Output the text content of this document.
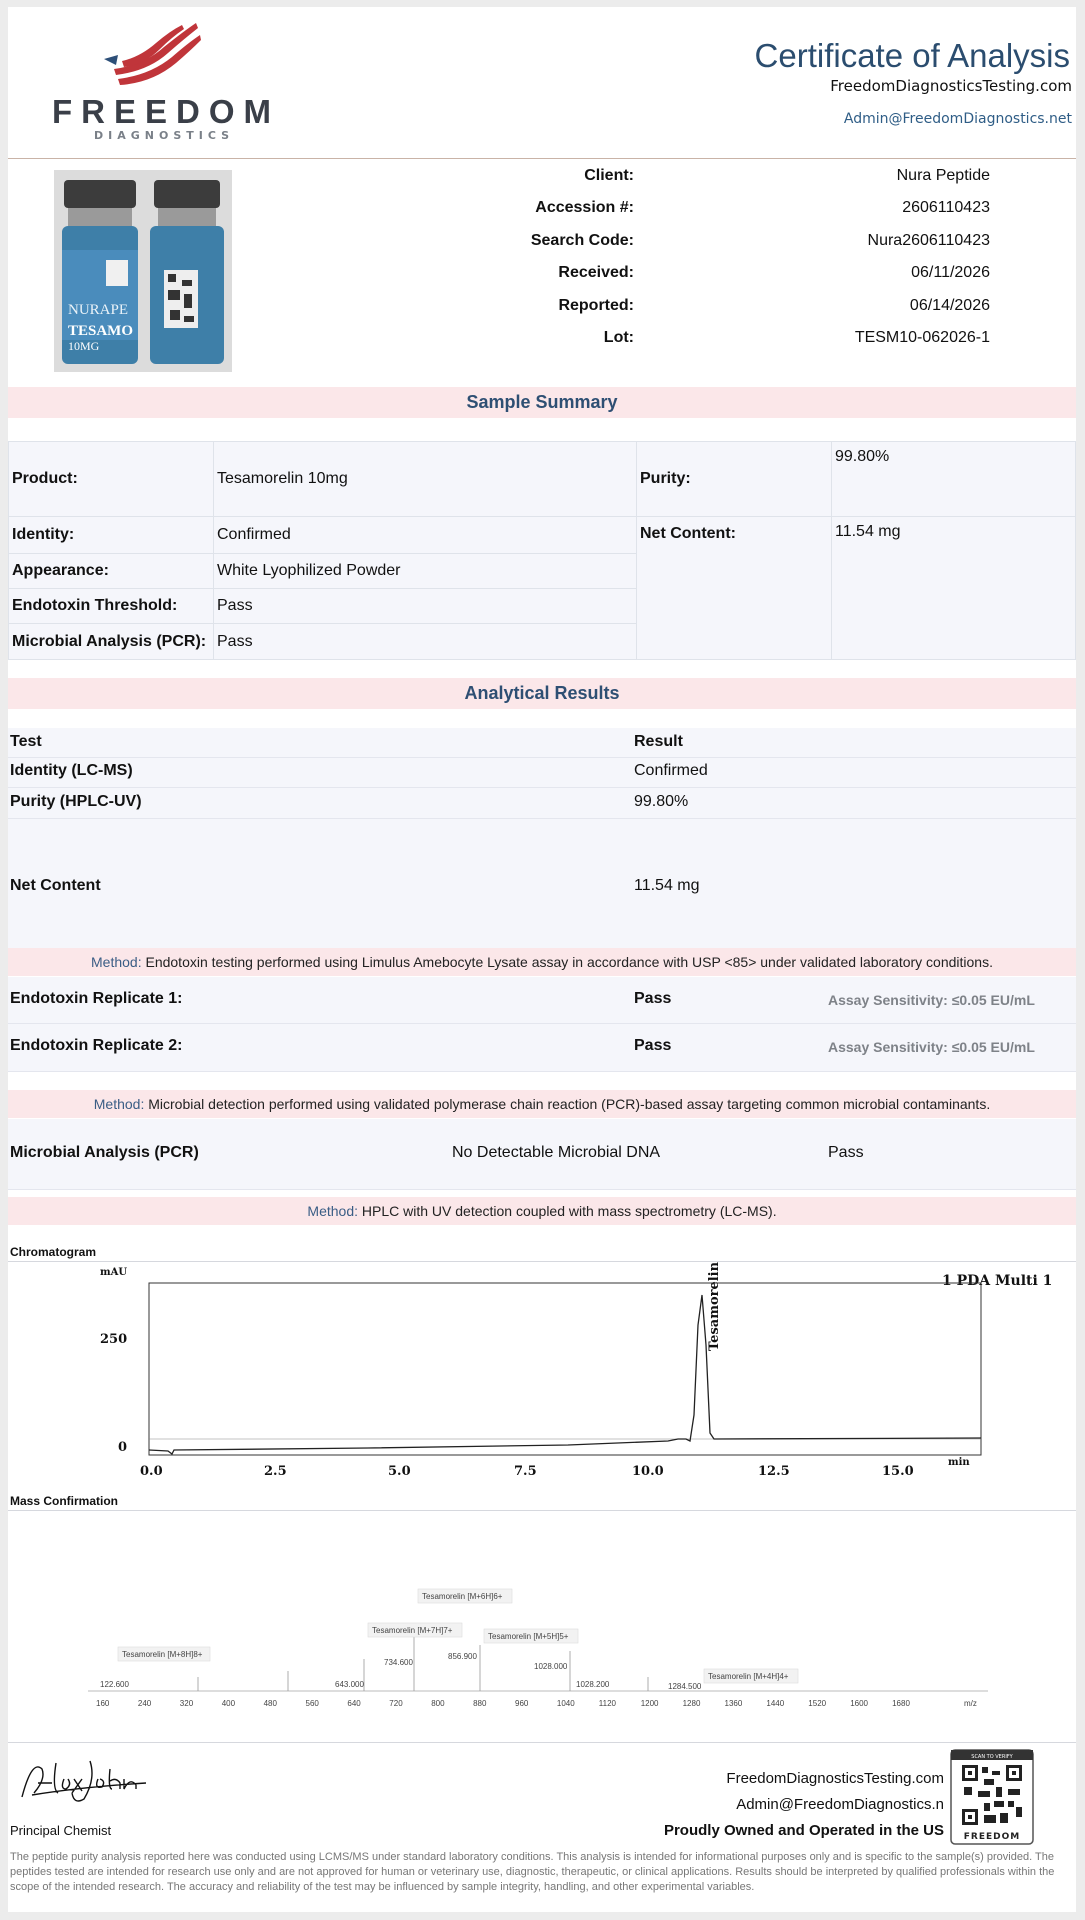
FREEDOM
DIAGNOSTICS
Certificate of Analysis
FreedomDiagnosticsTesting.com
Admin@FreedomDiagnostics.net
NURAPE
TESAMO
10MG
Client:	Nura Peptide
Accession #:	2606110423
Search Code:	Nura2606110423
Received:	06/11/2026
Reported:	06/14/2026
Lot:	TESM10-062026-1
Sample Summary
Product:	Tesamorelin 10mg	Purity:	99.80%
Identity:	Confirmed	Net Content:	11.54 mg
Appearance:	White Lyophilized Powder		
Endotoxin Threshold:	Pass		
Microbial Analysis (PCR):	Pass		
Analytical Results
Test	Result
Identity (LC-MS)	Confirmed
Purity (HPLC-UV)	99.80%
Net Content	11.54 mg
Method: Endotoxin testing performed using Limulus Amebocyte Lysate assay in accordance with USP <85> under validated laboratory conditions.
Endotoxin Replicate 1:	Pass	Assay Sensitivity: ≤0.05 EU/mL
Endotoxin Replicate 2:	Pass	Assay Sensitivity: ≤0.05 EU/mL
Method: Microbial detection performed using validated polymerase chain reaction (PCR)-based assay targeting common microbial contaminants.
Microbial Analysis (PCR)	No Detectable Microbial DNA	Pass
Method: HPLC with UV detection coupled with mass spectrometry (LC-MS).
Chromatogram
mAU
250
0
1 PDA Multi 1
min
0.0	2.5	5.0	7.5	10.0	12.5	15.0
Tesamorelin
Mass Confirmation
Tesamorelin [M+8H]8+
Tesamorelin [M+7H]7+
Tesamorelin [M+6H]6+
Tesamorelin [M+5H]5+
Tesamorelin [M+4H]4+
122.600	643.000
734.600
856.900
1028.000
1028.200	1284.500
160	240	320	400	480	560	640	720	800	880	960	1040	1120	1200	1280	1360	1440	1520	1600	1680	m/z
Principal Chemist
FreedomDiagnosticsTesting.com
Admin@FreedomDiagnostics.n
Proudly Owned and Operated in the US
SCAN TO VERIFY
FREEDOM
The peptide purity analysis reported here was conducted using LCMS/MS under standard laboratory conditions. This analysis is intended for informational purposes only and is specific to the sample(s) provided. The peptides tested are intended for research use only and are not approved for human or veterinary use, diagnostic, therapeutic, or clinical applications. Results should be interpreted by qualified professionals within the scope of the intended research. The accuracy and reliability of the test may be influenced by sample integrity, handling, and other experimental variables.
